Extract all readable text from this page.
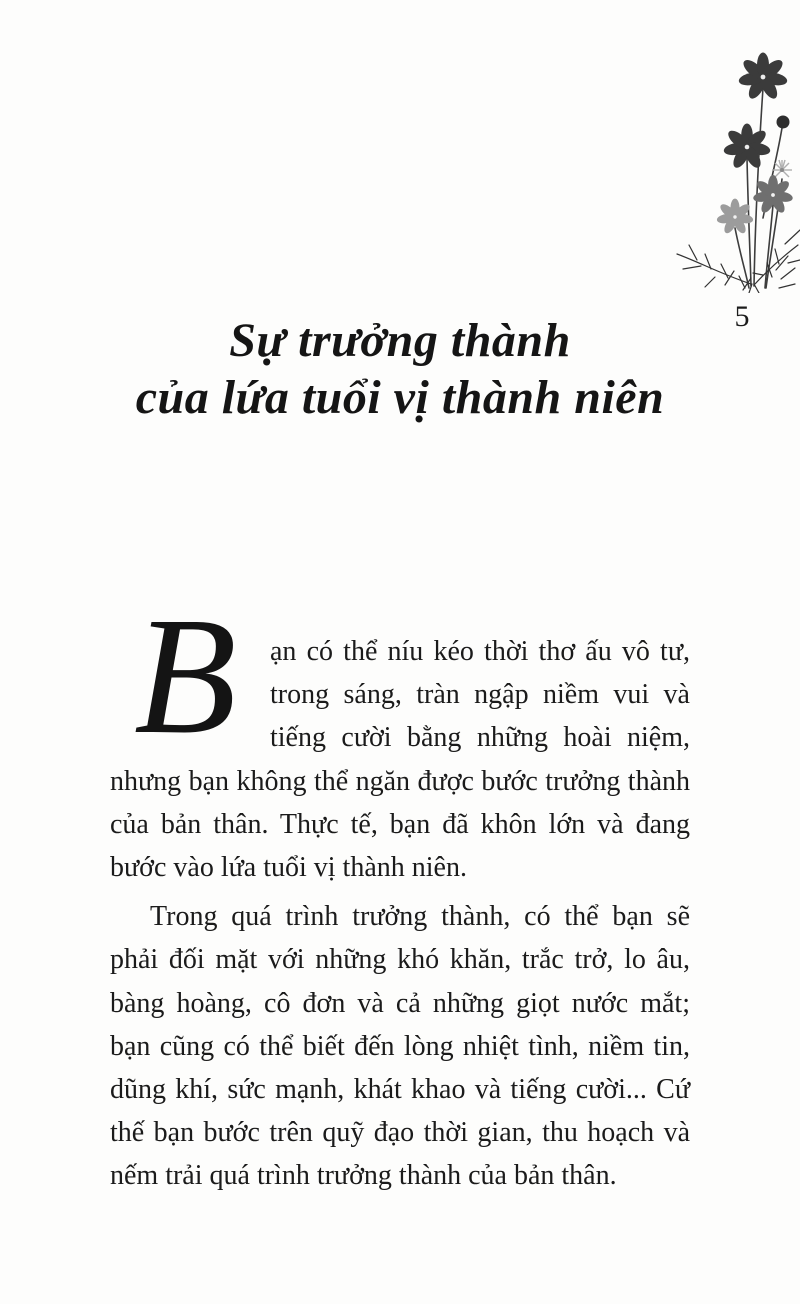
5
Sự trưởng thành
của lứa tuổi vị thành niên

B ạn có thể níu kéo thời thơ ấu vô tư, trong sáng, tràn ngập niềm vui và tiếng cười bằng những hoài niệm, nhưng bạn không thể ngăn được bước trưởng thành của bản thân. Thực tế, bạn đã khôn lớn và đang bước vào lứa tuổi vị thành niên.

Trong quá trình trưởng thành, có thể bạn sẽ phải đối mặt với những khó khăn, trắc trở, lo âu, bàng hoàng, cô đơn và cả những giọt nước mắt; bạn cũng có thể biết đến lòng nhiệt tình, niềm tin, dũng khí, sức mạnh, khát khao và tiếng cười... Cứ thế bạn bước trên quỹ đạo thời gian, thu hoạch và nếm trải quá trình trưởng thành của bản thân.
